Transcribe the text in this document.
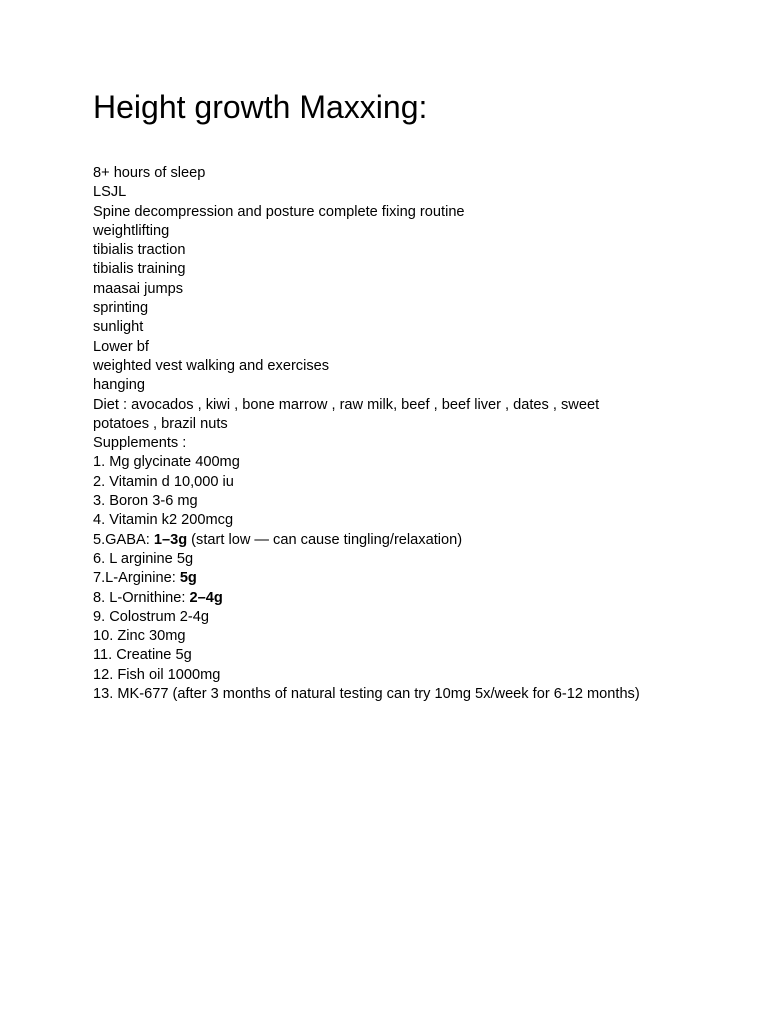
Height growth Maxxing:

8+ hours of sleep

LSJL

Spine decompression and posture complete fixing routine

weightlifting

tibialis traction

tibialis training

maasai jumps

sprinting

sunlight

Lower bf

weighted vest walking and exercises

hanging

Diet : avocados , kiwi , bone marrow , raw milk, beef , beef liver , dates , sweet

potatoes , brazil nuts

Supplements :

1. Mg glycinate 400mg

2. Vitamin d 10,000 iu

3. Boron 3-6 mg

4. Vitamin k2 200mcg

5.GABA: 1–3g (start low — can cause tingling/relaxation)

6. L arginine 5g

7.L-Arginine: 5g

8. L-Ornithine: 2–4g

9. Colostrum 2-4g

10. Zinc 30mg

11. Creatine 5g

12. Fish oil 1000mg

13. MK-677 (after 3 months of natural testing can try 10mg 5x/week for 6-12 months)
